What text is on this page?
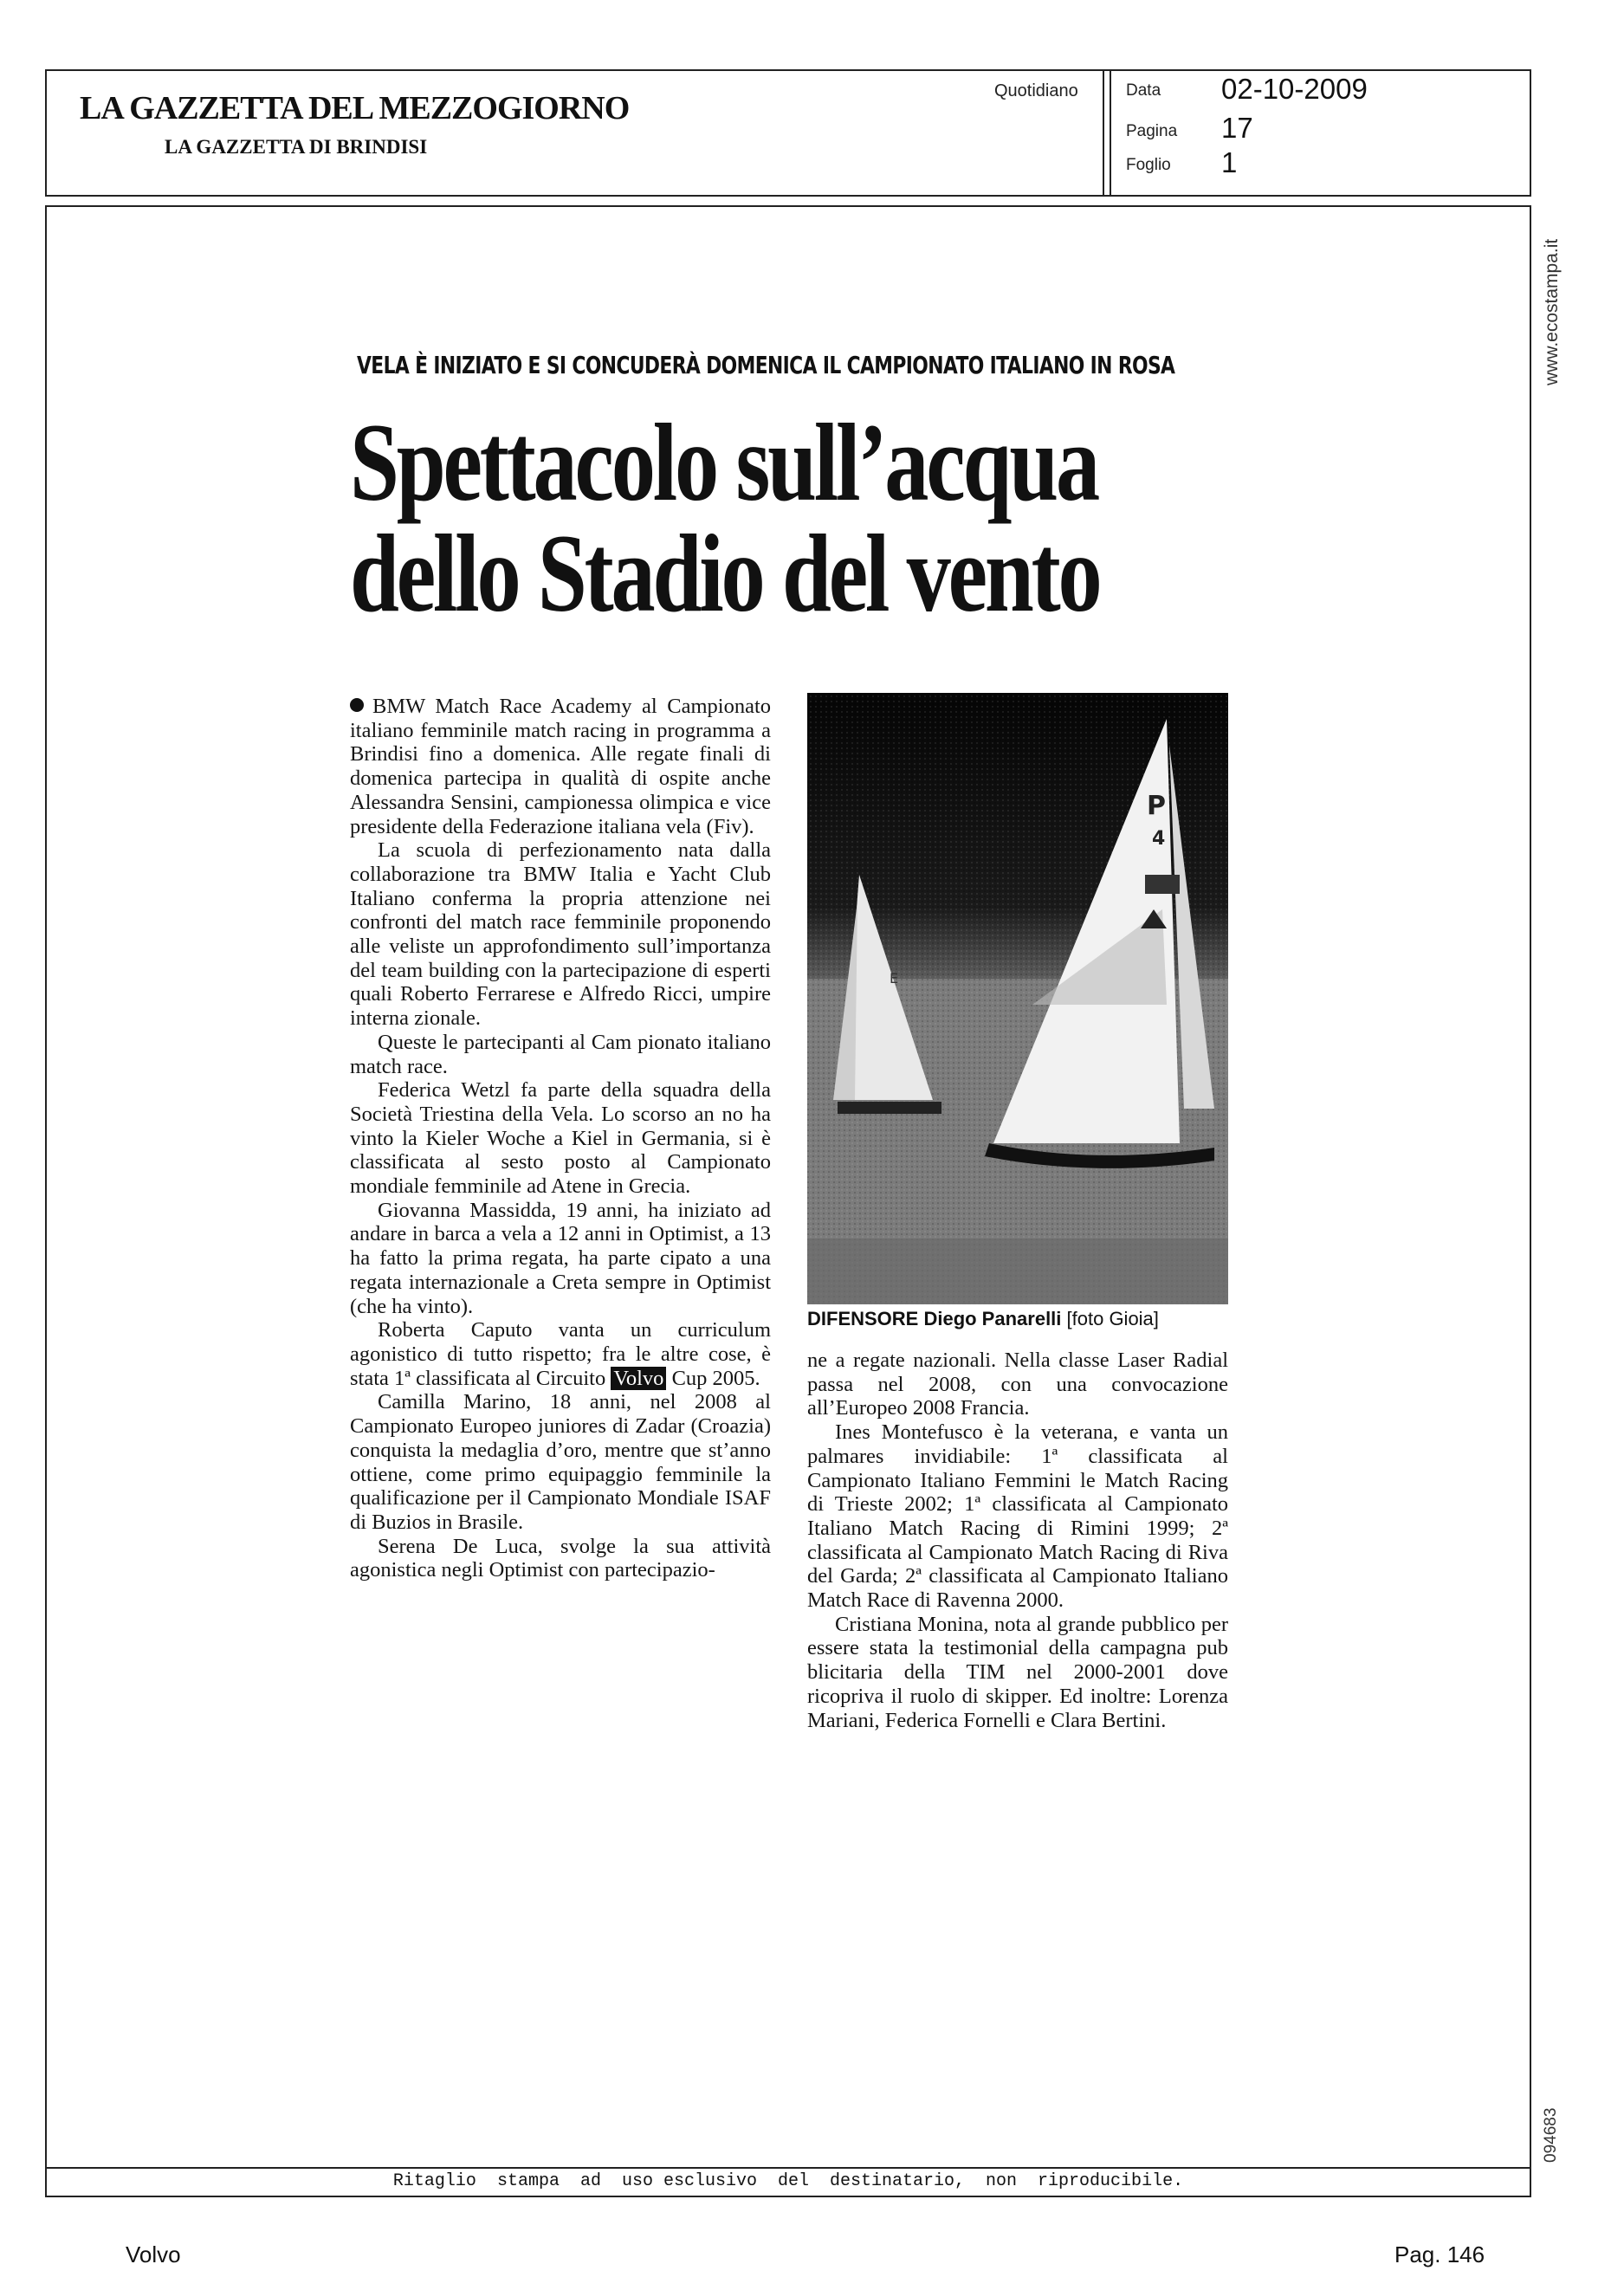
LA GAZZETTA DEL MEZZOGIORNO
LA GAZZETTA DI BRINDISI
Quotidiano	Data 02-10-2009
Pagina 17
Foglio 1
Ritaglio  stampa  ad  uso esclusivo  del  destinatario,  non  riproducibile.
www.ecostampa.it
094683
VELA È INIZIATO E SI CONCUDERÀ DOMENICA IL CAMPIONATO ITALIANO IN ROSA
Spettacolo sull’acqua
dello Stadio del vento

BMW Match Race Academy al Campionato italiano femminile match racing in programma a Brindisi fino a domenica. Alle regate finali di domenica partecipa in qualità di ospite anche Alessandra Sensini, campionessa olimpica e vice presidente della Federazione italiana vela (Fiv).

La scuola di perfezionamento nata dalla collaborazione tra BMW Italia e Yacht Club Italiano conferma la propria attenzione nei confronti del match race femminile proponendo alle veliste un approfondimento sull’importanza del team building con la partecipazione di esperti quali Roberto Ferrarese e Alfredo Ricci, umpire interna zionale.

Queste le partecipanti al Cam pionato italiano match race.

Federica Wetzl fa parte della squadra della Società Triestina della Vela. Lo scorso an no ha vinto la Kieler Woche a Kiel in Germania, si è classificata al sesto posto al Campionato mondiale femminile ad Atene in Grecia.

Giovanna Massidda, 19 anni, ha iniziato ad andare in barca a vela a 12 anni in Optimist, a 13 ha fatto la prima regata, ha parte cipato a una regata internazionale a Creta sempre in Optimist (che ha vinto).

Roberta Caputo vanta un curriculum agonistico di tutto rispetto; fra le altre cose, è stata 1ª classificata al Circuito Volvo Cup 2005.

Camilla Marino, 18 anni, nel 2008 al Campionato Europeo juniores di Zadar (Croazia) conquista la medaglia d’oro, mentre que st’anno ottiene, come primo equipaggio femminile la qualificazione per il Campionato Mondiale ISAF di Buzios in Brasile.

Serena De Luca, svolge la sua attività agonistica negli Optimist con partecipazio-

P
4
E
DIFENSORE Diego Panarelli [foto Gioia]

ne a regate nazionali. Nella classe Laser Radial passa nel 2008, con una convocazione all’Europeo 2008 Francia.

Ines Montefusco è la veterana, e vanta un palmares invidiabile: 1ª classificata al Campionato Italiano Femmini le Match Racing di Trieste 2002; 1ª classificata al Campionato Italiano Match Racing di Rimini 1999; 2ª classificata al Campionato Match Racing di Riva del Garda; 2ª classificata al Campionato Italiano Match Race di Ravenna 2000.

Cristiana Monina, nota al grande pubblico per essere stata la testimonial della campagna pub blicitaria della TIM nel 2000-2001 dove ricopriva il ruolo di skipper. Ed inoltre: Lorenza Mariani, Federica Fornelli e Clara Bertini.

Volvo	Pag. 146
